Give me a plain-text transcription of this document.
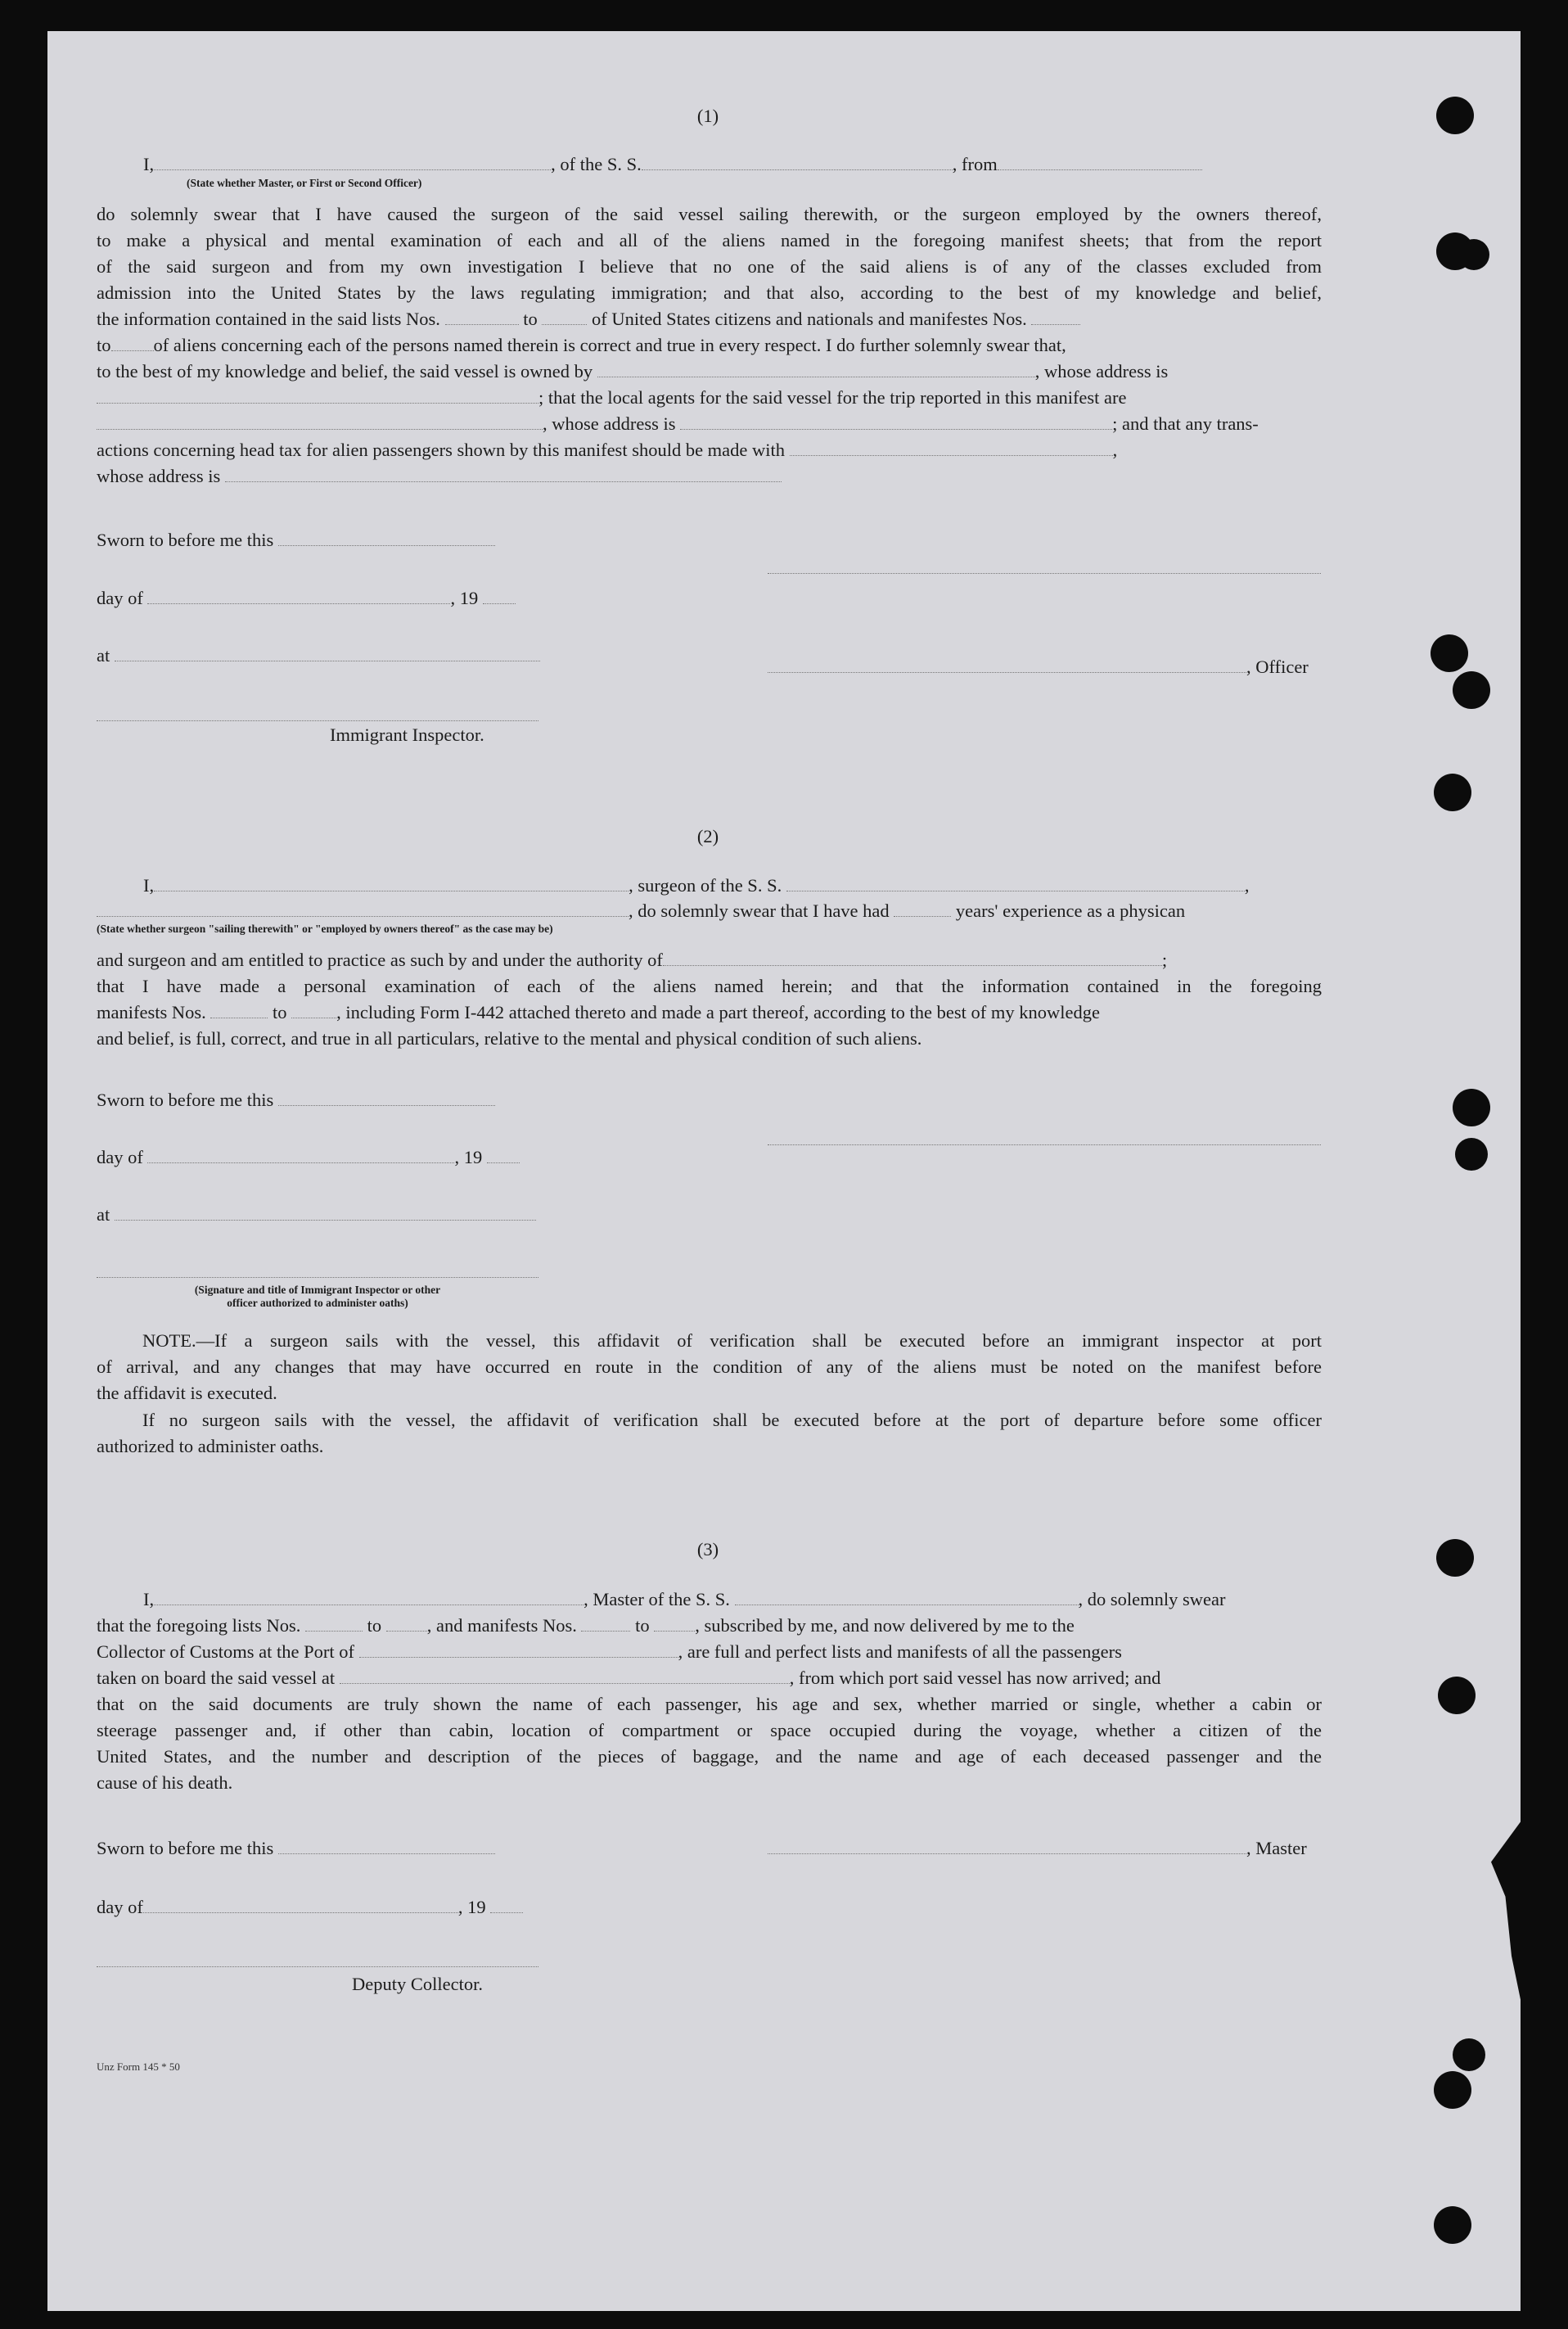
(1)
I,	, of the S. S.	, from
(State whether Master, or First or Second Officer)
do solemnly swear that I have caused the surgeon of the said vessel sailing therewith, or the surgeon employed by the owners thereof,
to make a physical and mental examination of each and all of the aliens named in the foregoing manifest sheets; that from the report
of the said surgeon and from my own investigation I believe that no one of the said aliens is of any of the classes excluded from
admission into the United States by the laws regulating immigration; and that also, according to the best of my knowledge and belief,
the information contained in the said lists Nos.	to	of United States citizens and nationals and manifestes Nos.
to of aliens concerning each of the persons named therein is correct and true in every respect. I do further solemnly swear that,
to the best of my knowledge and belief, the said vessel is owned by	, whose address is
; that the local agents for the said vessel for the trip reported in this manifest are
, whose address is	; and that any trans-
actions concerning head tax for alien passengers shown by this manifest should be made with	,
whose address is
Sworn to before me this
day of	, 19
at
, Officer
Immigrant Inspector.
(2)
I,	, surgeon of the S. S.	,
, do solemnly swear that I have had	years' experience as a physican
(State whether surgeon "sailing therewith" or "employed by owners thereof" as the case may be)
and surgeon and am entitled to practice as such by and under the authority of	;
that I have made a personal examination of each of the aliens named herein; and that the information contained in the foregoing
manifests Nos.	to	, including Form I-442 attached thereto and made a part thereof, according to the best of my knowledge
and belief, is full, correct, and true in all particulars, relative to the mental and physical condition of such aliens.
Sworn to before me this
day of	, 19
at
(Signature and title of Immigrant Inspector or other
officer authorized to administer oaths)
NOTE.—If a surgeon sails with the vessel, this affidavit of verification shall be executed before an immigrant inspector at port
of arrival, and any changes that may have occurred en route in the condition of any of the aliens must be noted on the manifest before
the affidavit is executed.
If no surgeon sails with the vessel, the affidavit of verification shall be executed before at the port of departure before some officer
authorized to administer oaths.
(3)
I,	, Master of the S. S.	, do solemnly swear
that the foregoing lists Nos.	to , and manifests Nos.	to , subscribed by me, and now delivered by me to the
Collector of Customs at the Port of	, are full and perfect lists and manifests of all the passengers
taken on board the said vessel at	, from which port said vessel has now arrived; and
that on the said documents are truly shown the name of each passenger, his age and sex, whether married or single, whether a cabin or
steerage passenger and, if other than cabin, location of compartment or space occupied during the voyage, whether a citizen of the
United States, and the number and description of the pieces of baggage, and the name and age of each deceased passenger and the
cause of his death.
Sworn to before me this	, Master
day of	, 19
Deputy Collector.
Unz Form 145 * 50
